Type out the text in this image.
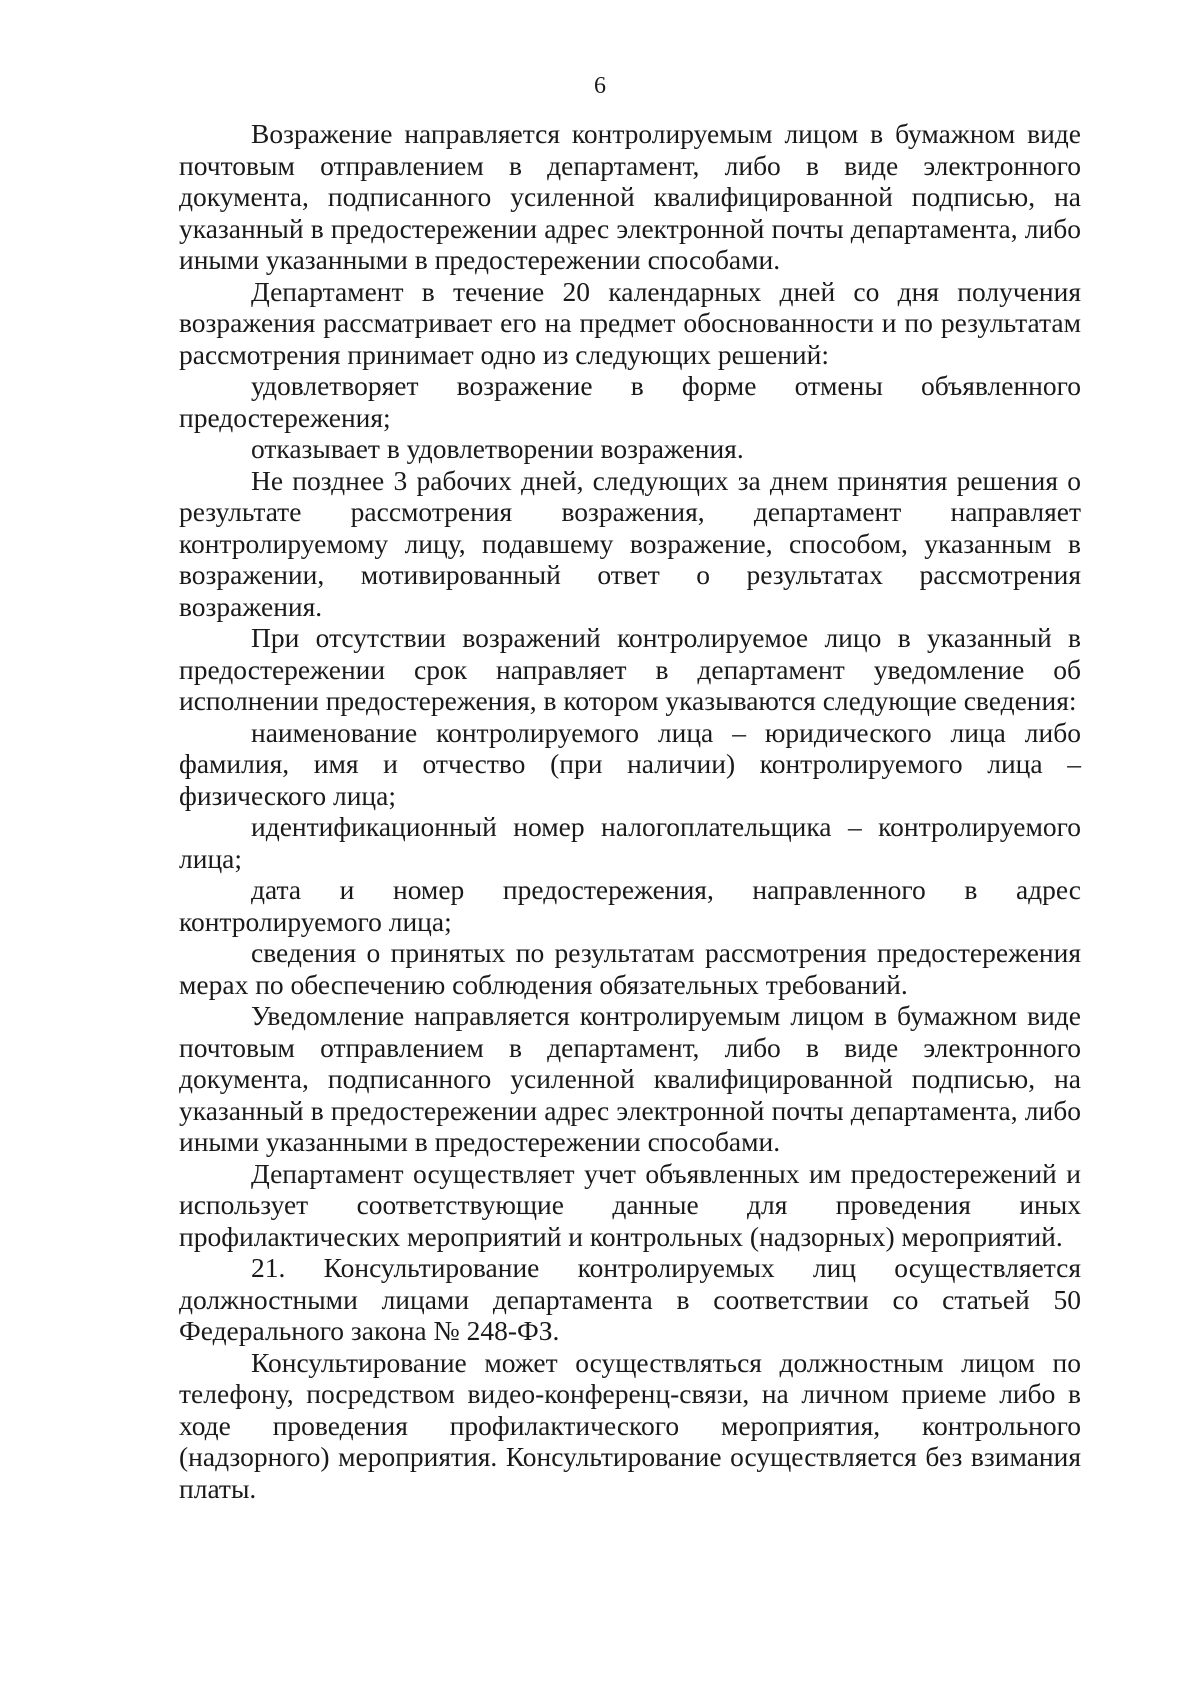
6

Возражение направляется контролируемым лицом в бумажном виде почтовым отправлением в департамент, либо в виде электронного документа, подписанного усиленной квалифицированной подписью, на указанный в предостережении адрес электронной почты департамента, либо иными указанными в предостережении способами.

Департамент в течение 20 календарных дней со дня получения возражения рассматривает его на предмет обоснованности и по результатам рассмотрения принимает одно из следующих решений:

удовлетворяет возражение в форме отмены объявленного предостережения;

отказывает в удовлетворении возражения.

Не позднее 3 рабочих дней, следующих за днем принятия решения о результате рассмотрения возражения, департамент направляет контролируемому лицу, подавшему возражение, способом, указанным в возражении, мотивированный ответ о результатах рассмотрения возражения.

При отсутствии возражений контролируемое лицо в указанный в предостережении срок направляет в департамент уведомление об исполнении предостережения, в котором указываются следующие сведения:

наименование контролируемого лица – юридического лица либо фамилия, имя и отчество (при наличии) контролируемого лица – физического лица;

идентификационный номер налогоплательщика – контролируемого лица;

дата и номер предостережения, направленного в адрес контролируемого лица;

сведения о принятых по результатам рассмотрения предостережения мерах по обеспечению соблюдения обязательных требований.

Уведомление направляется контролируемым лицом в бумажном виде почтовым отправлением в департамент, либо в виде электронного документа, подписанного усиленной квалифицированной подписью, на указанный в предостережении адрес электронной почты департамента, либо иными указанными в предостережении способами.

Департамент осуществляет учет объявленных им предостережений и использует соответствующие данные для проведения иных профилактических мероприятий и контрольных (надзорных) мероприятий.

21. Консультирование контролируемых лиц осуществляется должностными лицами департамента в соответствии со статьей 50 Федерального закона № 248-ФЗ.

Консультирование может осуществляться должностным лицом по телефону, посредством видео-конференц-связи, на личном приеме либо в ходе проведения профилактического мероприятия, контрольного (надзорного) мероприятия. Консультирование осуществляется без взимания платы.
